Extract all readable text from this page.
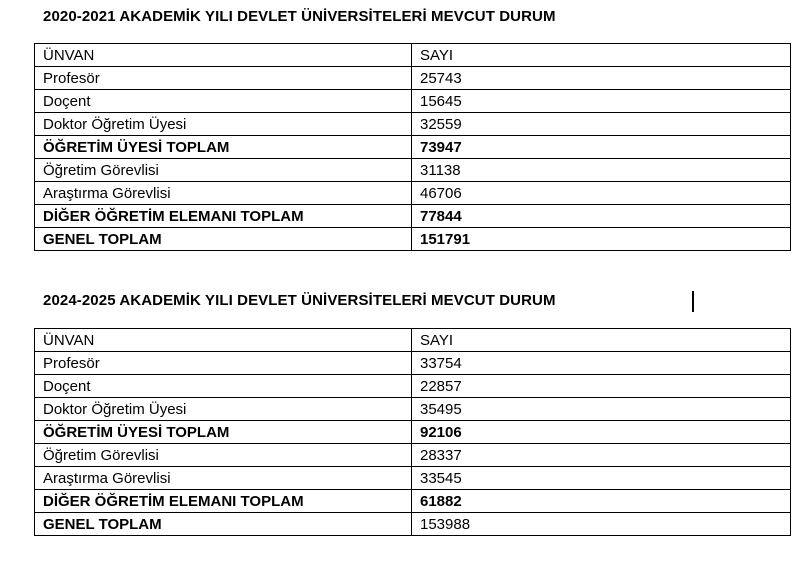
2020-2021 AKADEMİK YILI DEVLET ÜNİVERSİTELERİ MEVCUT DURUM
ÜNVAN	SAYI
Profesör	25743
Doçent	15645
Doktor Öğretim Üyesi	32559
ÖĞRETİM ÜYESİ TOPLAM	73947
Öğretim Görevlisi	31138
Araştırma Görevlisi	46706
DİĞER ÖĞRETİM ELEMANI TOPLAM	77844
GENEL TOPLAM	151791
2024-2025 AKADEMİK YILI DEVLET ÜNİVERSİTELERİ MEVCUT DURUM
ÜNVAN	SAYI
Profesör	33754
Doçent	22857
Doktor Öğretim Üyesi	35495
ÖĞRETİM ÜYESİ TOPLAM	92106
Öğretim Görevlisi	28337
Araştırma Görevlisi	33545
DİĞER ÖĞRETİM ELEMANI TOPLAM	61882
GENEL TOPLAM	153988
